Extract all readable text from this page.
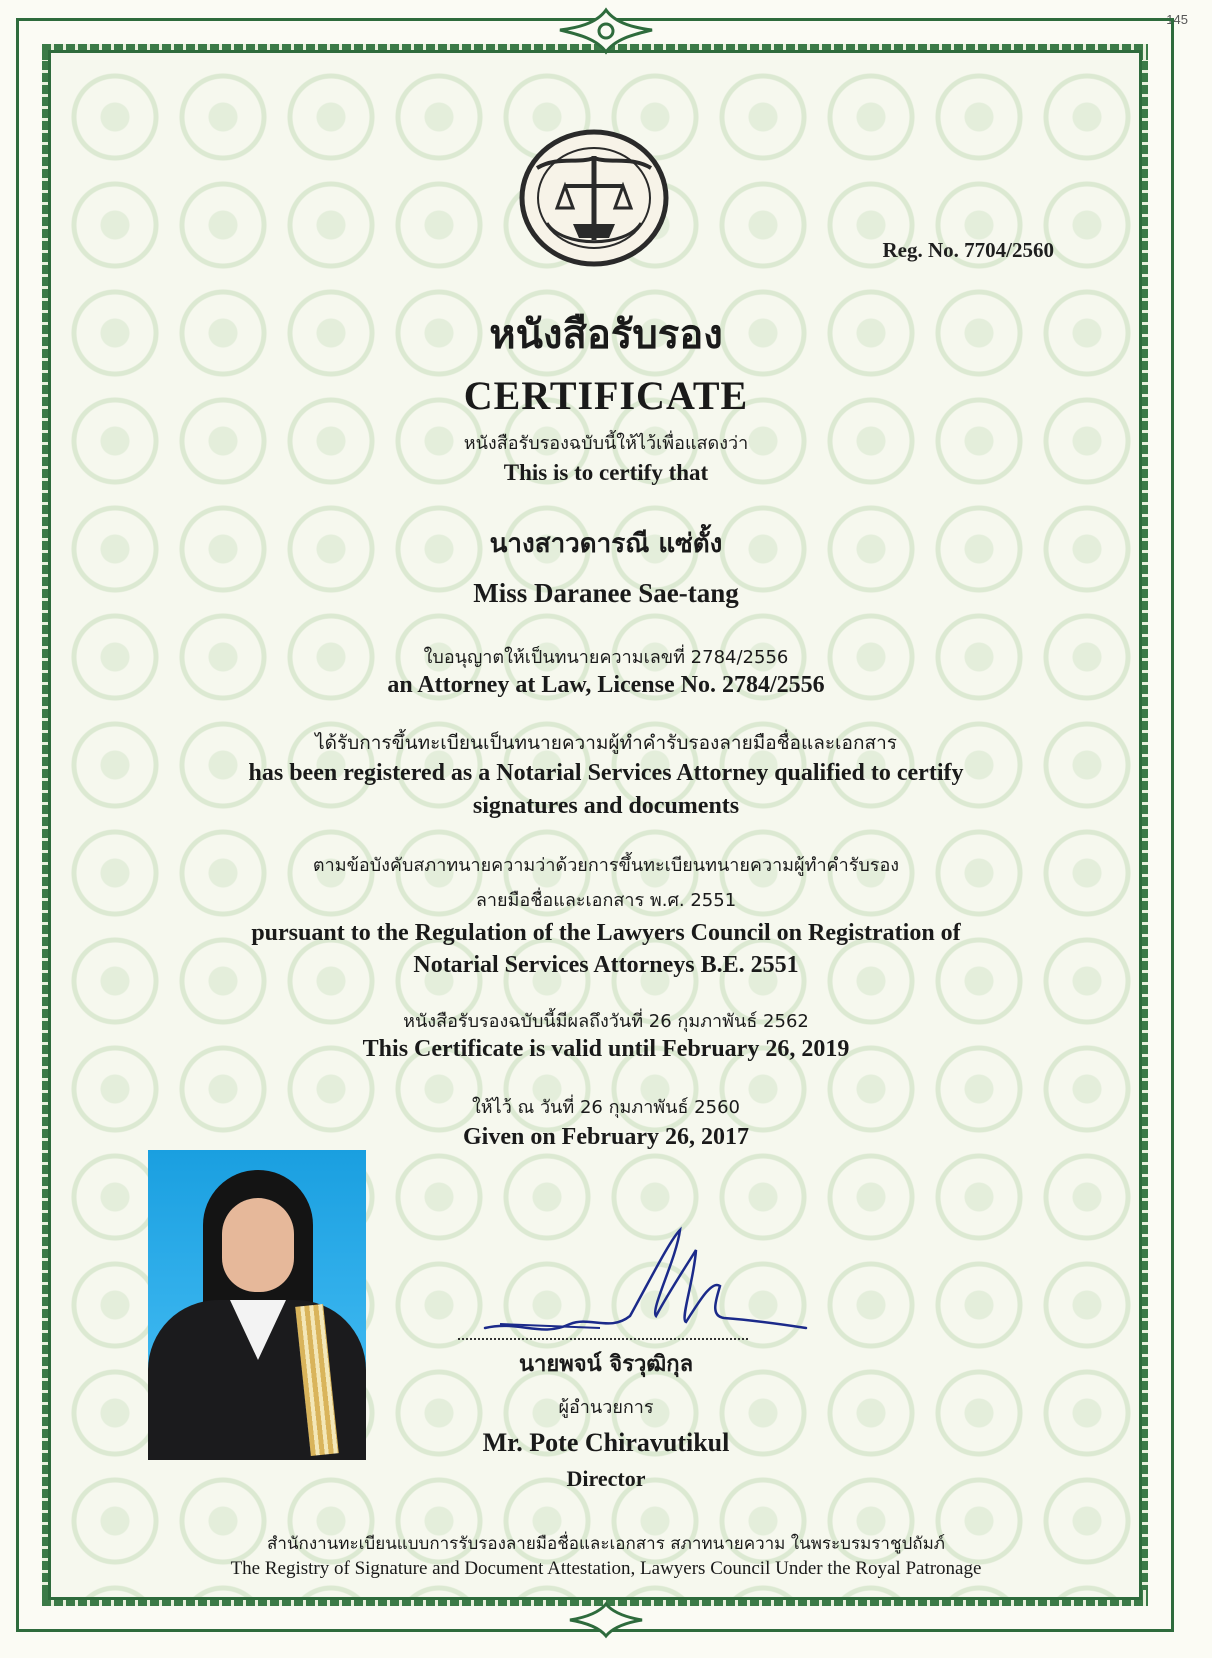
145
Reg. No. 7704/2560
หนังสือรับรอง
CERTIFICATE
หนังสือรับรองฉบับนี้ให้ไว้เพื่อแสดงว่า
This is to certify that
นางสาวดารณี แซ่ตั้ง
Miss Daranee Sae-tang
ใบอนุญาตให้เป็นทนายความเลขที่ 2784/2556
an Attorney at Law, License No. 2784/2556
ได้รับการขึ้นทะเบียนเป็นทนายความผู้ทำคำรับรองลายมือชื่อและเอกสาร
has been registered as a Notarial Services Attorney qualified to certify
signatures and documents
ตามข้อบังคับสภาทนายความว่าด้วยการขึ้นทะเบียนทนายความผู้ทำคำรับรอง
ลายมือชื่อและเอกสาร พ.ศ. 2551
pursuant to the Regulation of the Lawyers Council on Registration of
Notarial Services Attorneys B.E. 2551
หนังสือรับรองฉบับนี้มีผลถึงวันที่ 26 กุมภาพันธ์ 2562
This Certificate is valid until February 26, 2019
ให้ไว้ ณ วันที่ 26 กุมภาพันธ์ 2560
Given on February 26, 2017
นายพจน์ จิรวุฒิกุล
ผู้อำนวยการ
Mr. Pote Chiravutikul
Director
สำนักงานทะเบียนแบบการรับรองลายมือชื่อและเอกสาร สภาทนายความ ในพระบรมราชูปถัมภ์
The Registry of Signature and Document Attestation, Lawyers Council Under the Royal Patronage
